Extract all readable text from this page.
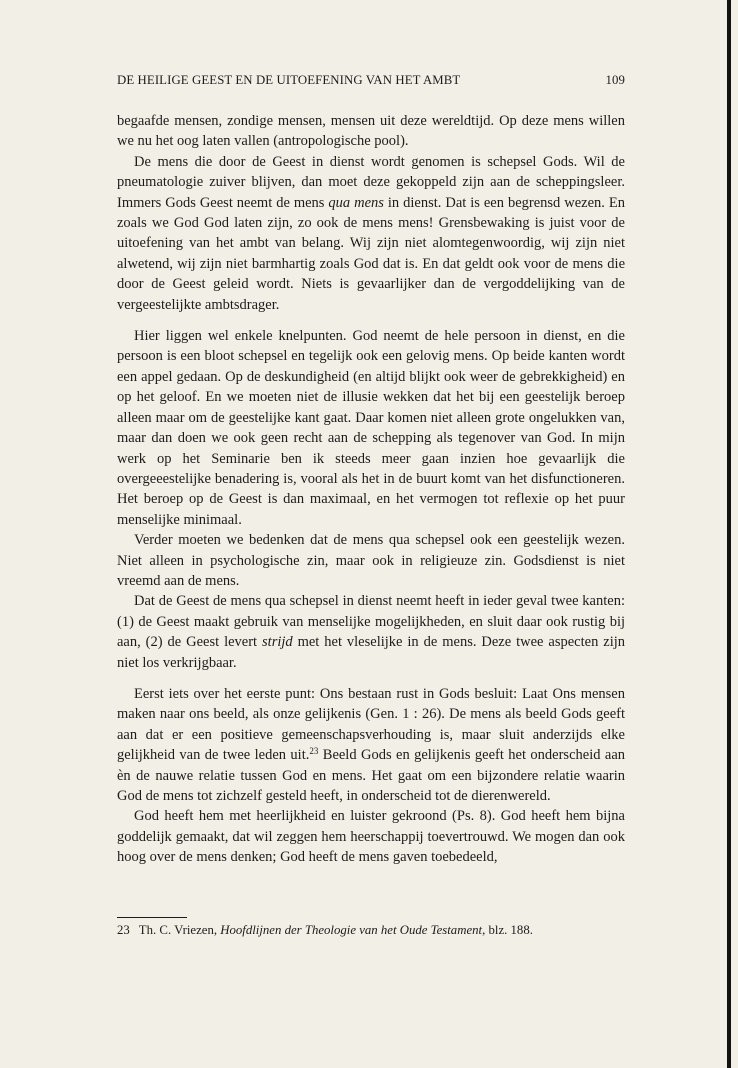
DE HEILIGE GEEST EN DE UITOEFENING VAN HET AMBT	109

begaafde mensen, zondige mensen, mensen uit deze wereldtijd. Op deze mens willen we nu het oog laten vallen (antropologische pool).

De mens die door de Geest in dienst wordt genomen is schepsel Gods. Wil de pneumatologie zuiver blijven, dan moet deze gekoppeld zijn aan de scheppingsleer. Immers Gods Geest neemt de mens qua mens in dienst. Dat is een begrensd wezen. En zoals we God God laten zijn, zo ook de mens mens! Grensbewaking is juist voor de uitoefening van het ambt van belang. Wij zijn niet alomtegenwoordig, wij zijn niet alwetend, wij zijn niet barmhartig zoals God dat is. En dat geldt ook voor de mens die door de Geest geleid wordt. Niets is gevaarlijker dan de vergoddelijking van de vergeestelijkte ambtsdrager.

Hier liggen wel enkele knelpunten. God neemt de hele persoon in dienst, en die persoon is een bloot schepsel en tegelijk ook een gelovig mens. Op beide kanten wordt een appel gedaan. Op de deskundigheid (en altijd blijkt ook weer de gebrekkigheid) en op het geloof. En we moeten niet de illusie wekken dat het bij een geestelijk beroep alleen maar om de geestelijke kant gaat. Daar komen niet alleen grote ongelukken van, maar dan doen we ook geen recht aan de schepping als tegenover van God. In mijn werk op het Seminarie ben ik steeds meer gaan inzien hoe gevaarlijk die overgeeestelijke benadering is, vooral als het in de buurt komt van het disfunctioneren. Het beroep op de Geest is dan maximaal, en het vermogen tot reflexie op het puur menselijke minimaal.

Verder moeten we bedenken dat de mens qua schepsel ook een geestelijk wezen. Niet alleen in psychologische zin, maar ook in religieuze zin. Godsdienst is niet vreemd aan de mens.

Dat de Geest de mens qua schepsel in dienst neemt heeft in ieder geval twee kanten: (1) de Geest maakt gebruik van menselijke mogelijkheden, en sluit daar ook rustig bij aan, (2) de Geest levert strijd met het vleselijke in de mens. Deze twee aspecten zijn niet los verkrijgbaar.

Eerst iets over het eerste punt: Ons bestaan rust in Gods besluit: Laat Ons mensen maken naar ons beeld, als onze gelijkenis (Gen. 1 : 26). De mens als beeld Gods geeft aan dat er een positieve gemeenschapsverhouding is, maar sluit anderzijds elke gelijkheid van de twee leden uit.$^{23}$ Beeld Gods en gelijkenis geeft het onderscheid aan èn de nauwe relatie tussen God en mens. Het gaat om een bijzondere relatie waarin God de mens tot zichzelf gesteld heeft, in onderscheid tot de dierenwereld.

God heeft hem met heerlijkheid en luister gekroond (Ps. 8). God heeft hem bijna goddelijk gemaakt, dat wil zeggen hem heerschappij toevertrouwd. We mogen dan ook hoog over de mens denken; God heeft de mens gaven toebedeeld,

23 Th. C. Vriezen, Hoofdlijnen der Theologie van het Oude Testament, blz. 188.
